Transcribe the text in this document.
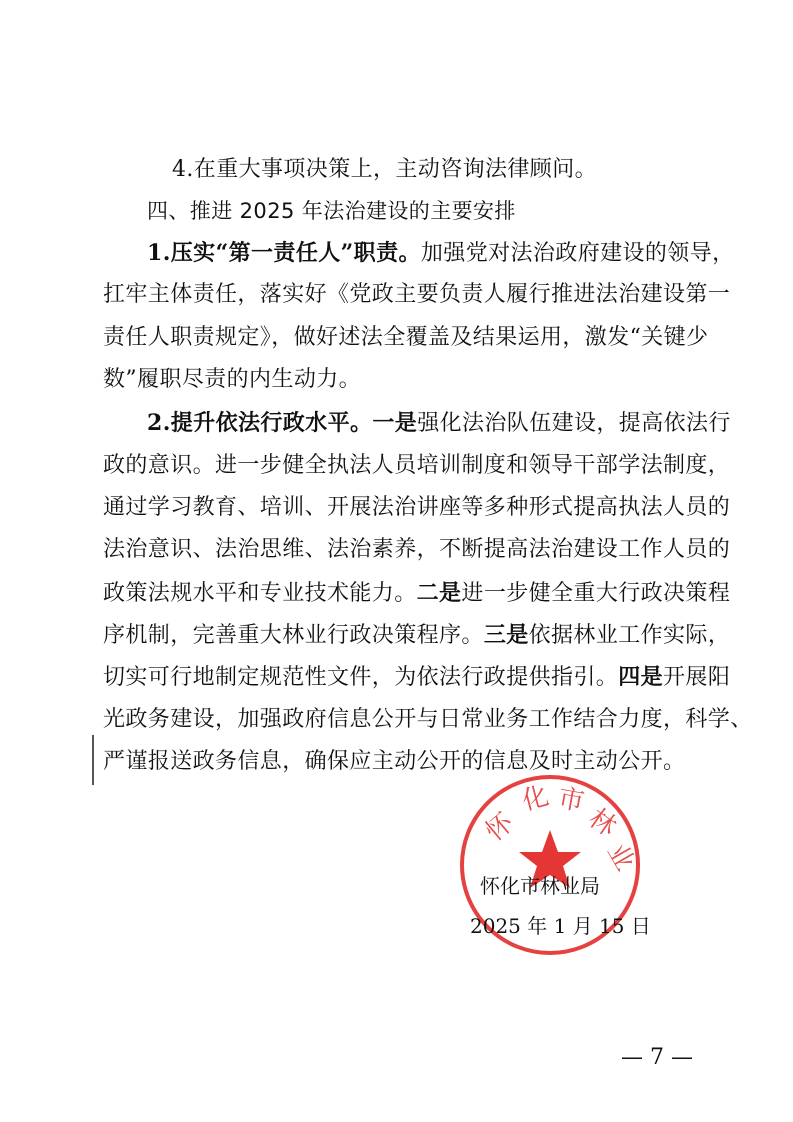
4.在重大事项决策上，主动咨询法律顾问。
四、推进 2025 年法治建设的主要安排
1.压实“第一责任人”职责。加强党对法治政府建设的领导，
扛牢主体责任，落实好《党政主要负责人履行推进法治建设第一
责任人职责规定》，做好述法全覆盖及结果运用，激发“关键少
数”履职尽责的内生动力。
2.提升依法行政水平。一是强化法治队伍建设，提高依法行
政的意识。进一步健全执法人员培训制度和领导干部学法制度，
通过学习教育、培训、开展法治讲座等多种形式提高执法人员的
法治意识、法治思维、法治素养，不断提高法治建设工作人员的
政策法规水平和专业技术能力。二是进一步健全重大行政决策程
序机制，完善重大林业行政决策程序。三是依据林业工作实际，
切实可行地制定规范性文件，为依法行政提供指引。四是开展阳
光政务建设，加强政府信息公开与日常业务工作结合力度，科学、
严谨报送政务信息，确保应主动公开的信息及时主动公开。
怀
化 市
林
业
怀化市林业局
2025 年 1 月 15 日
— 7 —
